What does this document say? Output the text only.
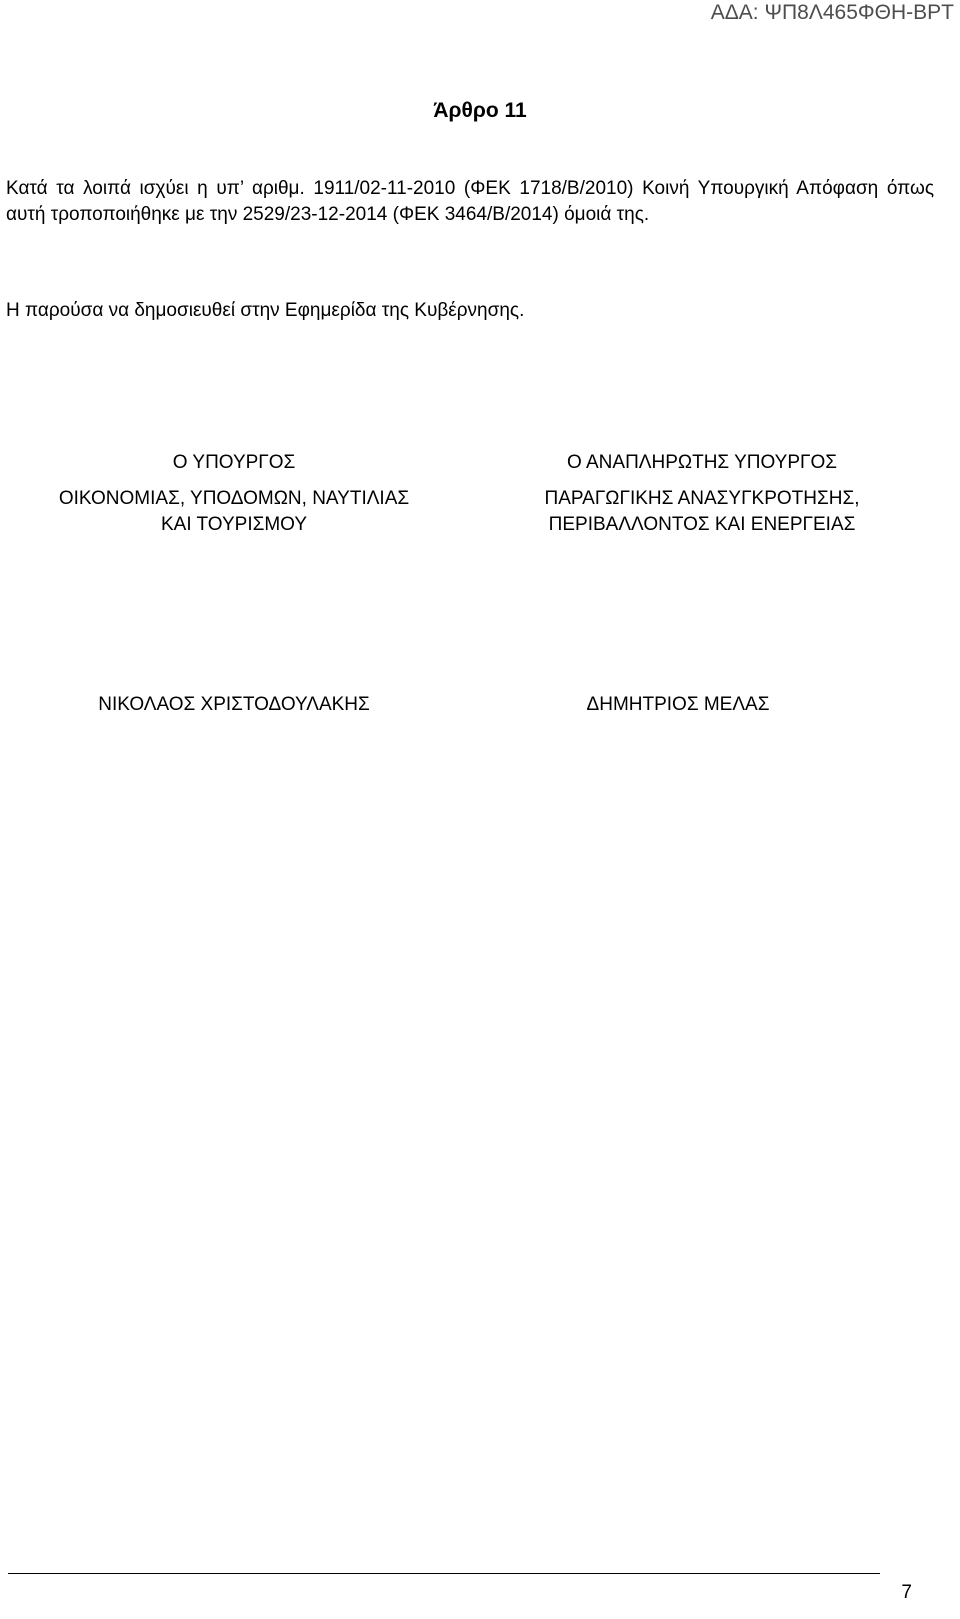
ΑΔΑ: ΨΠ8Λ465ΦΘΗ-ΒΡΤ
Άρθρο 11

Κατά τα λοιπά ισχύει η υπ’ αριθμ. 1911/02-11-2010 (ΦΕΚ 1718/Β/2010) Κοινή Υπουργική Απόφαση όπως αυτή τροποποιήθηκε με την 2529/23-12-2014 (ΦΕΚ 3464/Β/2014) όμοιά της.

Η παρούσα να δημοσιευθεί στην Εφημερίδα της Κυβέρνησης.

Ο ΥΠΟΥΡΓΟΣ
ΟΙΚΟΝΟΜΙΑΣ, ΥΠΟΔΟΜΩΝ, ΝΑΥΤΙΛΙΑΣ
ΚΑΙ ΤΟΥΡΙΣΜΟΥ
Ο ΑΝΑΠΛΗΡΩΤΗΣ ΥΠΟΥΡΓΟΣ
ΠΑΡΑΓΩΓΙΚΗΣ ΑΝΑΣΥΓΚΡΟΤΗΣΗΣ,
ΠΕΡΙΒΑΛΛΟΝΤΟΣ ΚΑΙ ΕΝΕΡΓΕΙΑΣ
ΝΙΚΟΛΑΟΣ ΧΡΙΣΤΟΔΟΥΛΑΚΗΣ	ΔΗΜΗΤΡΙΟΣ ΜΕΛΑΣ
7
